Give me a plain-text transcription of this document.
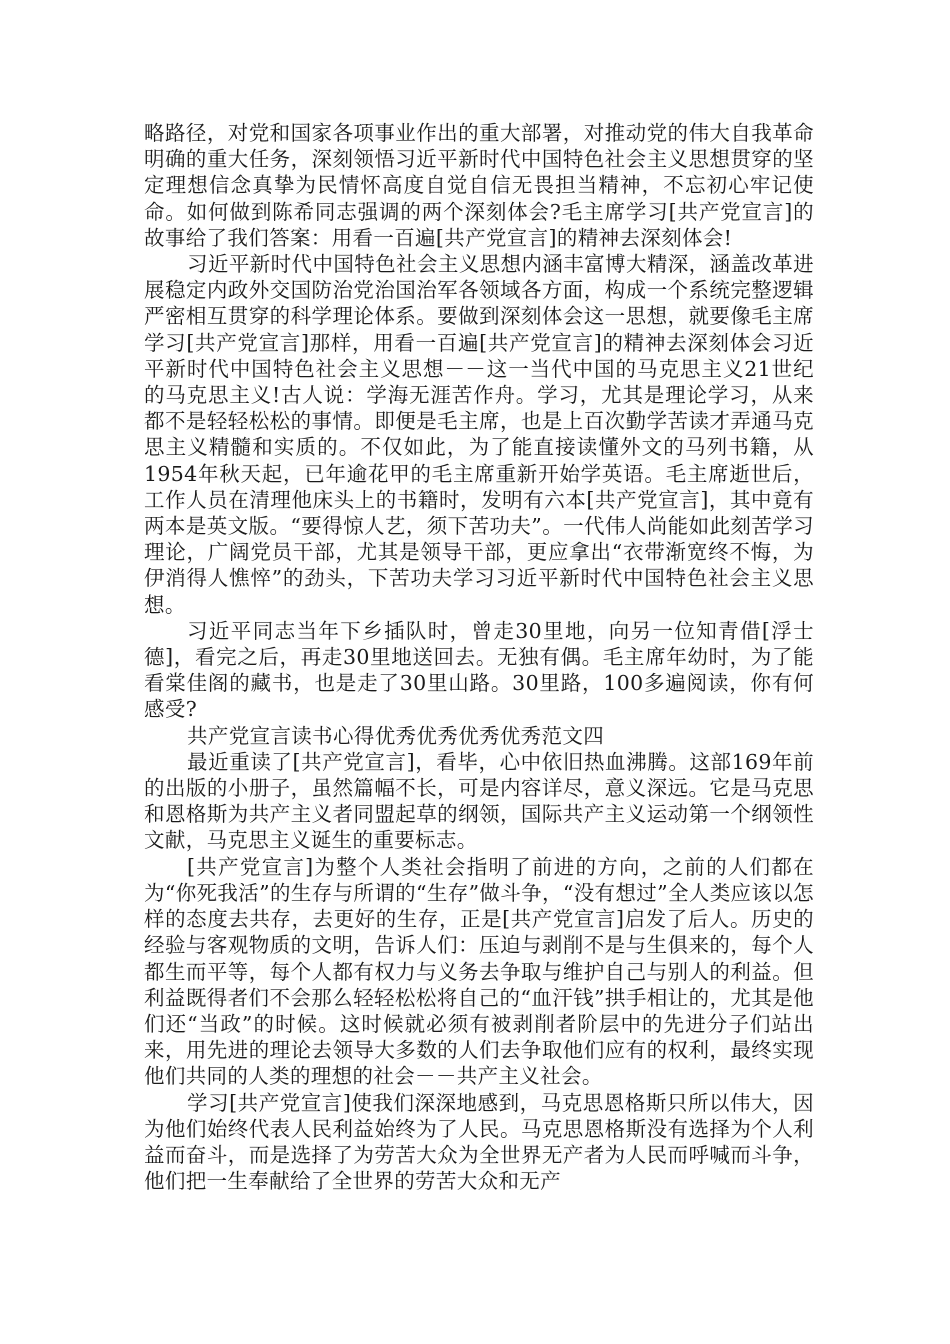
略路径，对党和国家各项事业作出的重大部署，对推动党的伟大自我革命明确的重大任务，深刻领悟习近平新时代中国特色社会主义思想贯穿的坚定理想信念真挚为民情怀高度自觉自信无畏担当精神，不忘初心牢记使命。如何做到陈希同志强调的两个深刻体会?毛主席学习[共产党宣言]的故事给了我们答案：用看一百遍[共产党宣言]的精神去深刻体会!

习近平新时代中国特色社会主义思想内涵丰富博大精深，涵盖改革进展稳定内政外交国防治党治国治军各领域各方面，构成一个系统完整逻辑严密相互贯穿的科学理论体系。要做到深刻体会这一思想，就要像毛主席学习[共产党宣言]那样，用看一百遍[共产党宣言]的精神去深刻体会习近平新时代中国特色社会主义思想－－这一当代中国的马克思主义21世纪的马克思主义!古人说：学海无涯苦作舟。学习，尤其是理论学习，从来都不是轻轻松松的事情。即便是毛主席，也是上百次勤学苦读才弄通马克思主义精髓和实质的。不仅如此，为了能直接读懂外文的马列书籍，从1954年秋天起，已年逾花甲的毛主席重新开始学英语。毛主席逝世后，工作人员在清理他床头上的书籍时，发明有六本[共产党宣言]，其中竟有两本是英文版。“要得惊人艺，须下苦功夫”。一代伟人尚能如此刻苦学习理论，广阔党员干部，尤其是领导干部，更应拿出“衣带渐宽终不悔，为伊消得人憔悴”的劲头，下苦功夫学习习近平新时代中国特色社会主义思想。

习近平同志当年下乡插队时，曾走30里地，向另一位知青借[浮士德]，看完之后，再走30里地送回去。无独有偶。毛主席年幼时，为了能看棠佳阁的藏书，也是走了30里山路。30里路，100多遍阅读，你有何感受?

共产党宣言读书心得优秀优秀优秀优秀范文四

最近重读了[共产党宣言]，看毕，心中依旧热血沸腾。这部169年前的出版的小册子，虽然篇幅不长，可是内容详尽，意义深远。它是马克思和恩格斯为共产主义者同盟起草的纲领，国际共产主义运动第一个纲领性文献，马克思主义诞生的重要标志。

[共产党宣言]为整个人类社会指明了前进的方向，之前的人们都在为“你死我活”的生存与所谓的“生存”做斗争，“没有想过”全人类应该以怎样的态度去共存，去更好的生存，正是[共产党宣言]启发了后人。历史的经验与客观物质的文明，告诉人们：压迫与剥削不是与生俱来的，每个人都生而平等，每个人都有权力与义务去争取与维护自己与别人的利益。但利益既得者们不会那么轻轻松松将自己的“血汗钱”拱手相让的，尤其是他们还“当政”的时候。这时候就必须有被剥削者阶层中的先进分子们站出来，用先进的理论去领导大多数的人们去争取他们应有的权利，最终实现他们共同的人类的理想的社会－－共产主义社会。

学习[共产党宣言]使我们深深地感到，马克思恩格斯只所以伟大，因为他们始终代表人民利益始终为了人民。马克思恩格斯没有选择为个人利益而奋斗，而是选择了为劳苦大众为全世界无产者为人民而呼喊而斗争，他们把一生奉献给了全世界的劳苦大众和无产
